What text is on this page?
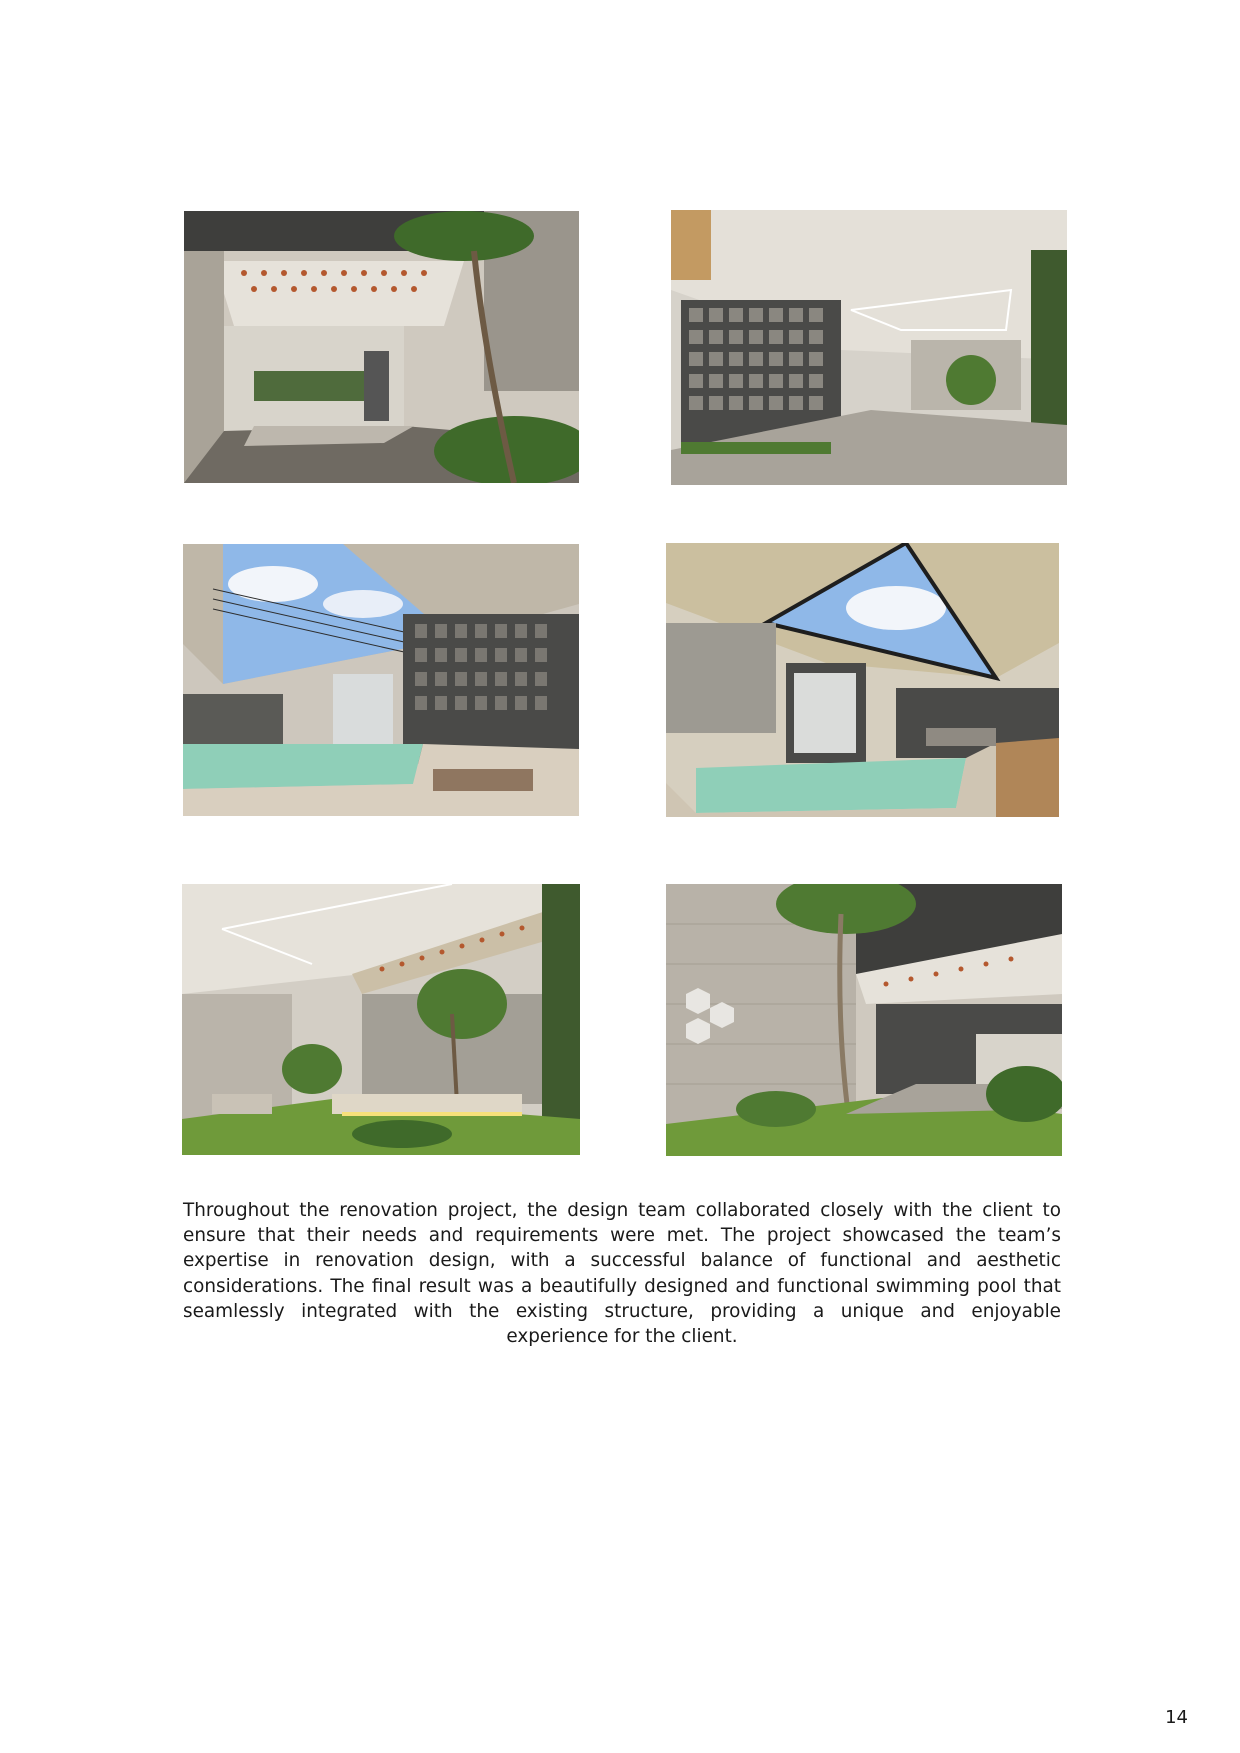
Throughout the renovation project, the design team collaborated closely with the client to ensure that their needs and requirements were met. The project showcased the team’s expertise in renovation design, with a successful balance of functional and aesthetic considerations. The final result was a beautifully designed and functional swimming pool that seamlessly integrated with the existing structure, providing a unique and enjoyable experience for the client.

14
